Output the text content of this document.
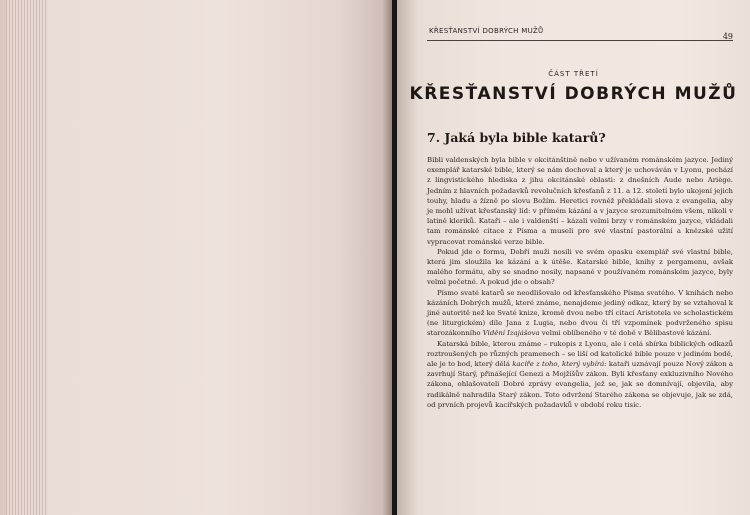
KŘESŤANSTVÍ DOBRÝCH MUŽŮ
49
ČÁST TŘETÍ
KŘESŤANSTVÍ DOBRÝCH MUŽŮ
7. Jaká byla bible katarů?

Bibli valdenských byla bible v okcitánštině nebo v užívaném románském jazyce. Jediný exemplář katarské bible, který se nám dochoval a který je uchováván v Lyonu, pochází z lingvistického hlediska z jihu okcitánské oblasti: z dnešních Aude nebo Ariège. Jedním z hlavních požadavků revolučních křesťanů z 11. a 12. století bylo ukojení jejich touhy, hladu a žízně po slovu Božím. Heretici rovněž překládali slova z evangelia, aby je mohl užívat křesťanský lid: v přímém kázání a v jazyce srozumitelném všem, nikoli v latině kleriků. Kataři – ale i valdenští – kázali velmi brzy v románském jazyce, vkládali tam románské citace z Písma a museli pro své vlastní pastorální a knězské užití vypracovat románské verze bible.

Pokud jde o formu, Dobří muži nosili ve svém opasku exemplář své vlastní bible, která jim sloužila ke kázání a k útěše. Katarské bible, knihy z pergamenu, avšak malého formátu, aby se snadno nosily, napsané v používaném románském jazyce, byly velmi početné. A pokud jde o obsah?

Písmo svaté katarů se neodlišovalo od křesťanského Písma svatého. V knihách nebo kázáních Dobrých mužů, které známe, nenajdeme jediný odkaz, který by se vztahoval k jiné autoritě než ke Svaté knize, kromě dvou nebo tří citací Aristotela ve scholastickém (ne liturgickém) díle Jana z Lugia, nebo dvou či tří vzpomínek podvrženého spisu starozákonního Vidění Izajášova velmi oblíbeného v té době v Bělibastově kázání.

Katarská bible, kterou známe – rukopis z Lyonu, ale i celá sbírka biblických odkazů roztroušených po různých pramenech – se liší od katolické bible pouze v jediném bodě, ale je to bod, který dělá kacíře z toho, který vybírá: kataři uznávají pouze Nový zákon a zavrhují Starý, přinášející Genezi a Mojžíšův zákon. Byli křesťany exkluzivního Nového zákona, ohlašovateli Dobré zprávy evangelia, jež se, jak se domnívají, objevila, aby radikálně nahradila Starý zákon. Toto odvržení Starého zákona se objevuje, jak se zdá, od prvních projevů kacířských požadavků v období roku tisíc.
